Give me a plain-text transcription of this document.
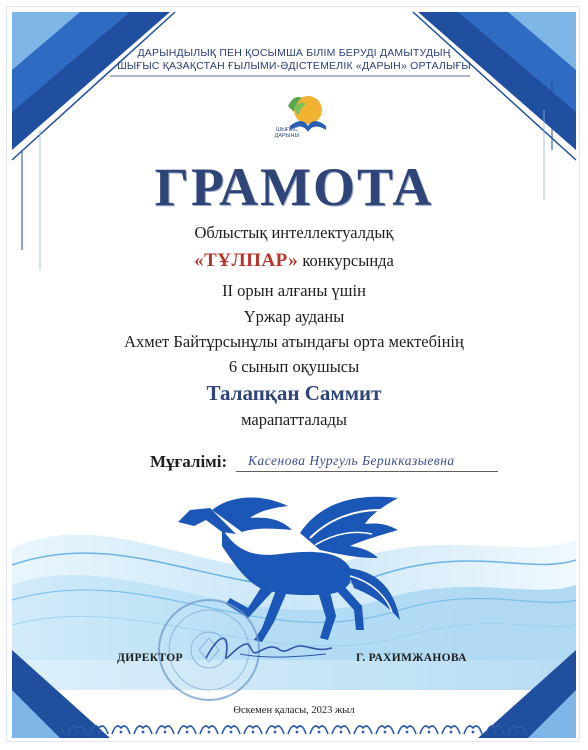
ДАРЫНДЫЛЫҚ ПЕН ҚОСЫМША БІЛІМ БЕРУДІ ДАМЫТУДЫҢ
ШЫҒЫС ҚАЗАҚСТАН ҒЫЛЫМИ-ӘДІСТЕМЕЛІК «ДАРЫН» ОРТАЛЫҒЫ
ШЫҒЫС
ДАРЫНЫ
ГРАМОТА
Облыстық интеллектуалдық
«ТҰЛПАР» конкурсында
II орын алғаны үшін
Үржар ауданы
Ахмет Байтұрсынұлы атындағы орта мектебінің
6 сынып оқушысы
Талапқан Саммит
марапатталады
Мұғалімі: Касенова Нургуль Берикказыевна
ДИРЕКТОР	Г. РАХИМЖАНОВА
Өскемен қаласы, 2023 жыл
